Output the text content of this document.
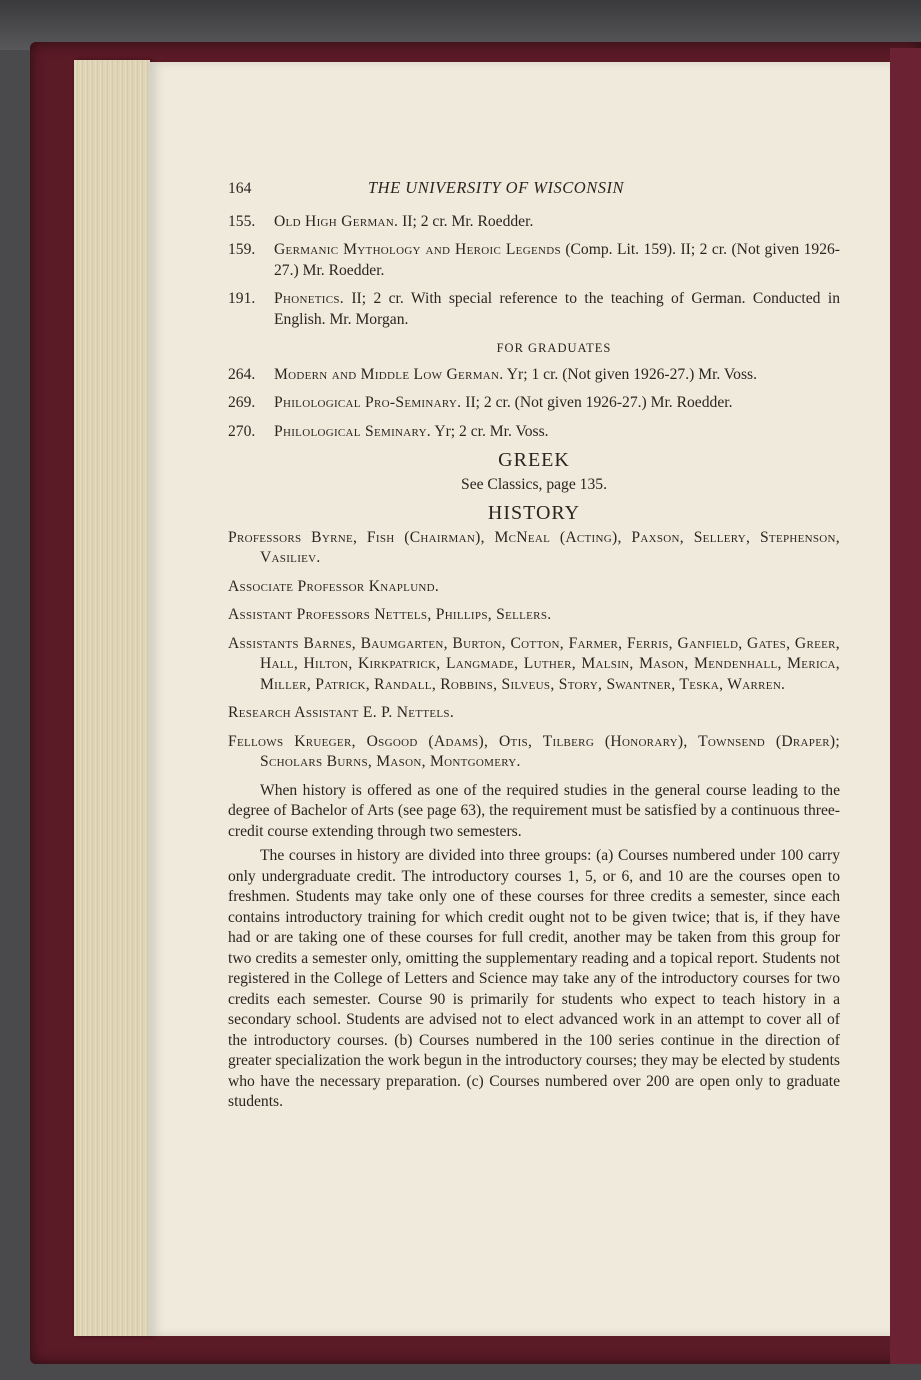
164	THE UNIVERSITY OF WISCONSIN
155.	Old High German. II; 2 cr. Mr. Roedder.
159.	Germanic Mythology and Heroic Legends (Comp. Lit. 159). II; 2 cr. (Not given 1926-27.) Mr. Roedder.
191.	Phonetics. II; 2 cr. With special reference to the teaching of German. Conducted in English. Mr. Morgan.
FOR GRADUATES
264.	Modern and Middle Low German. Yr; 1 cr. (Not given 1926-27.) Mr. Voss.
269.	Philological Pro-Seminary. II; 2 cr. (Not given 1926-27.) Mr. Roedder.
270.	Philological Seminary. Yr; 2 cr. Mr. Voss.
GREEK
See Classics, page 135.
HISTORY
Professors Byrne, Fish (Chairman), McNeal (Acting), Paxson, Sellery, Stephenson, Vasiliev.
Associate Professor Knaplund.
Assistant Professors Nettels, Phillips, Sellers.
Assistants Barnes, Baumgarten, Burton, Cotton, Farmer, Ferris, Ganfield, Gates, Greer, Hall, Hilton, Kirkpatrick, Langmade, Luther, Malsin, Mason, Mendenhall, Merica, Miller, Patrick, Randall, Robbins, Silveus, Story, Swantner, Teska, Warren.
Research Assistant E. P. Nettels.
Fellows Krueger, Osgood (Adams), Otis, Tilberg (Honorary), Townsend (Draper); Scholars Burns, Mason, Montgomery.
When history is offered as one of the required studies in the general course leading to the degree of Bachelor of Arts (see page 63), the requirement must be satisfied by a continuous three-credit course extending through two semesters.
The courses in history are divided into three groups: (a) Courses numbered under 100 carry only undergraduate credit. The introductory courses 1, 5, or 6, and 10 are the courses open to freshmen. Students may take only one of these courses for three credits a semester, since each contains introductory training for which credit ought not to be given twice; that is, if they have had or are taking one of these courses for full credit, another may be taken from this group for two credits a semester only, omitting the supplementary reading and a topical report. Students not registered in the College of Letters and Science may take any of the introductory courses for two credits each semester. Course 90 is primarily for students who expect to teach history in a secondary school. Students are advised not to elect advanced work in an attempt to cover all of the introductory courses. (b) Courses numbered in the 100 series continue in the direction of greater specialization the work begun in the introductory courses; they may be elected by students who have the necessary preparation. (c) Courses numbered over 200 are open only to graduate students.
